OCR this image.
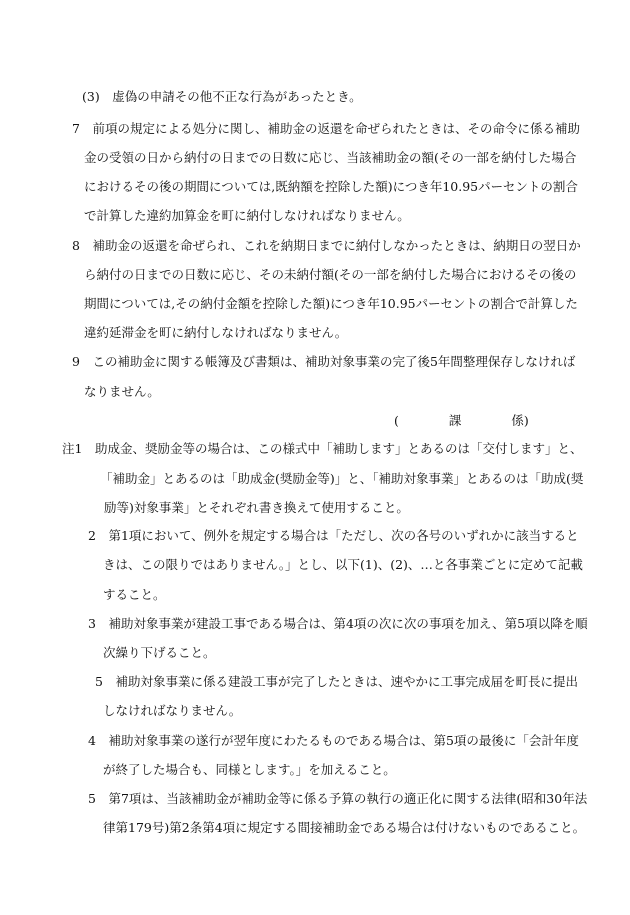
(3)　虚偽の申請その他不正な行為があったとき。
7　前項の規定による処分に関し、補助金の返還を命ぜられたときは、その命令に係る補助
金の受領の日から納付の日までの日数に応じ、当該補助金の額(その一部を納付した場合
におけるその後の期間については,既納額を控除した額)につき年10.95パーセントの割合
で計算した違約加算金を町に納付しなければなりません。
8　補助金の返還を命ぜられ、これを納期日までに納付しなかったときは、納期日の翌日か
ら納付の日までの日数に応じ、その未納付額(その一部を納付した場合におけるその後の
期間については,その納付金額を控除した額)につき年10.95パーセントの割合で計算した
違約延滞金を町に納付しなければなりません。
9　この補助金に関する帳簿及び書類は、補助対象事業の完了後5年間整理保存しなければ
なりません。
(　　　　課　　　　係)
注1　助成金、奨励金等の場合は、この様式中「補助します」とあるのは「交付します」と、
「補助金」とあるのは「助成金(奨励金等)」と、「補助対象事業」とあるのは「助成(奨
励等)対象事業」とそれぞれ書き換えて使用すること。
2　第1項において、例外を規定する場合は「ただし、次の各号のいずれかに該当すると
きは、この限りではありません。」とし、以下(1)、(2)、…と各事業ごとに定めて記載
すること。
3　補助対象事業が建設工事である場合は、第4項の次に次の事項を加え、第5項以降を順
次繰り下げること。
5　補助対象事業に係る建設工事が完了したときは、速やかに工事完成届を町長に提出
しなければなりません。
4　補助対象事業の遂行が翌年度にわたるものである場合は、第5項の最後に「会計年度
が終了した場合も、同様とします。」を加えること。
5　第7項は、当該補助金が補助金等に係る予算の執行の適正化に関する法律(昭和30年法
律第179号)第2条第4項に規定する間接補助金である場合は付けないものであること。
